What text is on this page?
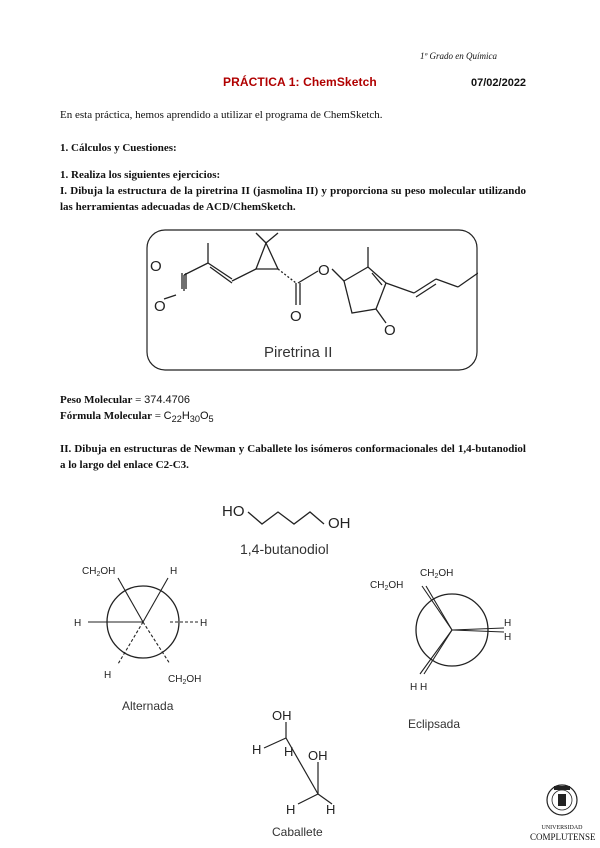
1º Grado en Química
PRÁCTICA 1: ChemSketch	07/02/2022
En esta práctica, hemos aprendido a utilizar el programa de ChemSketch.
1. Cálculos y Cuestiones:
1. Realiza los siguientes ejercicios:
I. Dibuja la estructura de la piretrina II (jasmolina II) y proporciona su peso molecular utilizando las herramientas adecuadas de ACD/ChemSketch.
O
O
O
O
O
Piretrina II
Peso Molecular = 374.4706
Fórmula Molecular = $C_{22}H_{30}O_5$
II. Dibuja en estructuras de Newman y Caballete los isómeros conformacionales del 1,4-butanodiol a lo largo del enlace C2-C3.
HO
OH
1,4-butanodiol
$CH_2OH$	H
H	H
H	$CH_2OH$
Alternada
$CH_2OH$
$CH_2OH$
H
H
H H
Eclipsada
OH
H H OH
H H
Caballete	UNIVERSIDAD
COMPLUTENSE
